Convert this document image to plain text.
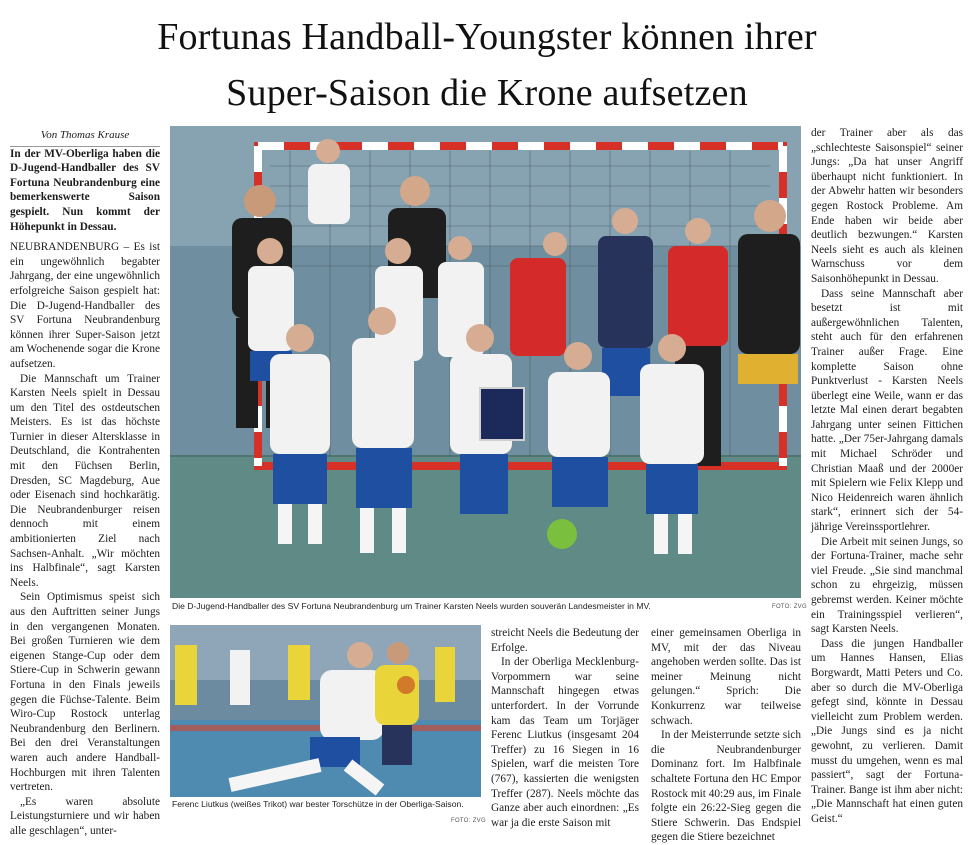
Fortunas Handball-Youngster können ihrer
Super-Saison die Krone aufsetzen

Von Thomas Krause

In der MV-Oberliga haben die D-Jugend-Handballer des SV Fortuna Neubrandenburg eine bemerkenswerte Saison gespielt. Nun kommt der Höhepunkt in Dessau.

NEUBRANDENBURG – Es ist ein ungewöhnlich begabter Jahrgang, der eine ungewöhnlich erfolgreiche Saison gespielt hat: Die D-Jugend-Handballer des SV Fortuna Neubrandenburg können ihrer Super-Saison jetzt am Wochenende sogar die Krone aufsetzen.

Die Mannschaft um Trainer Karsten Neels spielt in Dessau um den Titel des ostdeutschen Meisters. Es ist das höchste Turnier in dieser Altersklasse in Deutschland, die Kontrahenten mit den Füchsen Berlin, Dresden, SC Magdeburg, Aue oder Eisenach sind hochkarätig. Die Neubrandenburger reisen dennoch mit einem ambitionierten Ziel nach Sachsen-Anhalt. „Wir möchten ins Halbfinale“, sagt Karsten Neels.

Sein Optimismus speist sich aus den Auftritten seiner Jungs in den vergangenen Monaten. Bei großen Turnieren wie dem eigenen Stange-Cup oder dem Stiere-Cup in Schwerin gewann Fortuna in den Finals jeweils gegen die Füchse-Talente. Beim Wiro-Cup Rostock unterlag Neubrandenburg den Berlinern. Bei den drei Veranstaltungen waren auch andere Handball-Hochburgen mit ihren Talenten vertreten.

„Es waren absolute Leistungsturniere und wir haben alle geschlagen“, unter-

Die D-Jugend-Handballer des SV Fortuna Neubrandenburg um Trainer Karsten Neels wurden souverän Landesmeister in MV.	FOTO: ZVG
Ferenc Liutkus (weißes Trikot) war bester Torschütze in der Oberliga-Saison.
FOTO: ZVG

streicht Neels die Bedeutung der Erfolge.

In der Oberliga Mecklenburg-Vorpommern war seine Mannschaft hingegen etwas unterfordert. In der Vorrunde kam das Team um Torjäger Ferenc Liutkus (insgesamt 204 Treffer) zu 16 Siegen in 16 Spielen, warf die meisten Tore (767), kassierten die wenigsten Treffer (287). Neels möchte das Ganze aber auch einordnen: „Es war ja die erste Saison mit

einer gemeinsamen Oberliga in MV, mit der das Niveau angehoben werden sollte. Das ist meiner Meinung nicht gelungen.“ Sprich: Die Konkurrenz war teilweise schwach.

In der Meisterrunde setzte sich die Neubrandenburger Dominanz fort. Im Halbfinale schaltete Fortuna den HC Empor Rostock mit 40:29 aus, im Finale folgte ein 26:22-Sieg gegen die Stiere Schwerin. Das Endspiel gegen die Stiere bezeichnet

der Trainer aber als das „schlechteste Saisonspiel“ seiner Jungs: „Da hat unser Angriff überhaupt nicht funktioniert. In der Abwehr hatten wir besonders gegen Rostock Probleme. Am Ende haben wir beide aber deutlich bezwungen.“ Karsten Neels sieht es auch als kleinen Warnschuss vor dem Saisonhöhepunkt in Dessau.

Dass seine Mannschaft aber besetzt ist mit außergewöhnlichen Talenten, steht auch für den erfahrenen Trainer außer Frage. Eine komplette Saison ohne Punktverlust - Karsten Neels überlegt eine Weile, wann er das letzte Mal einen derart begabten Jahrgang unter seinen Fittichen hatte. „Der 75er-Jahrgang damals mit Michael Schröder und Christian Maaß und der 2000er mit Spielern wie Felix Klepp und Nico Heidenreich waren ähnlich stark“, erinnert sich der 54-jährige Vereinssportlehrer.

Die Arbeit mit seinen Jungs, so der Fortuna-Trainer, mache sehr viel Freude. „Sie sind manchmal schon zu ehrgeizig, müssen gebremst werden. Keiner möchte ein Trainingsspiel verlieren“, sagt Karsten Neels.

Dass die jungen Handballer um Hannes Hansen, Elias Borgwardt, Matti Peters und Co. aber so durch die MV-Oberliga gefegt sind, könnte in Dessau vielleicht zum Problem werden. „Die Jungs sind es ja nicht gewohnt, zu verlieren. Damit musst du umgehen, wenn es mal passiert“, sagt der Fortuna-Trainer. Bange ist ihm aber nicht: „Die Mannschaft hat einen guten Geist.“
